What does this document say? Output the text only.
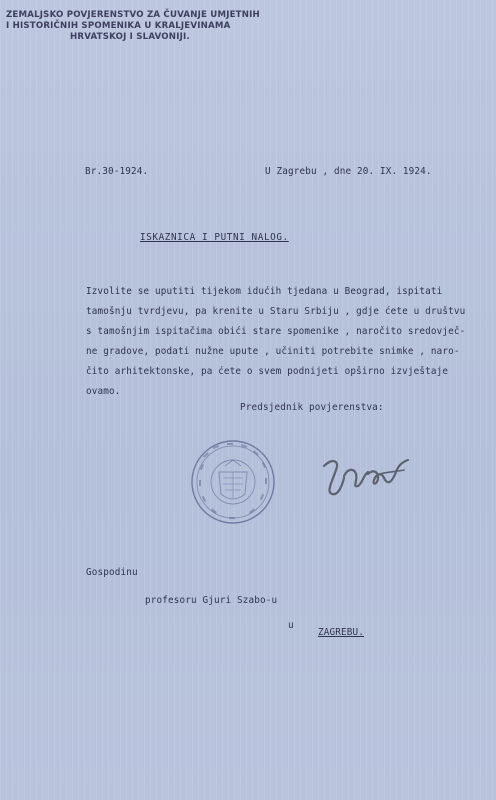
ZEMALJSKO POVJERENSTVO ZA ČUVANJE UMJETNIH
I HISTORIČNIH SPOMENIKA U KRALJEVINAMA
HRVATSKOJ I SLAVONIJI.
Br.30-1924.	U Zagrebu , dne 20. IX. 1924.
ISKAZNICA I PUTNI NALOG.
Izvolite se uputiti tijekom idućih tjedana u Beograd, ispitati
tamošnju tvrdjevu, pa krenite u Staru Srbiju , gdje ćete u društvu
s tamošnjim ispitačima obići stare spomenike , naročito sredovječ-
ne gradove, podati nužne upute , učiniti potrebite snimke , naro-
čito arhitektonske, pa ćete o svem podnijeti opširno izvještaje
ovamo.
Predsjednik povjerenstva:
Gospodinu
profesoru Gjuri Szabo-u
u
ZAGREBU.
